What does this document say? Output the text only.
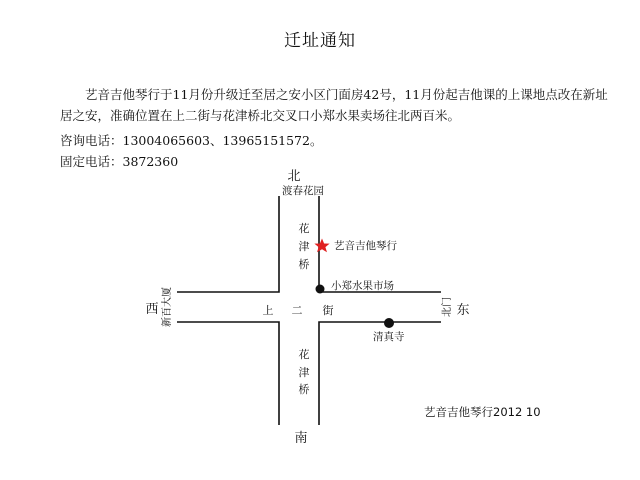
迁址通知

艺音吉他琴行于11月份升级迁至居之安小区门面房42号，11月份起吉他课的上课地点改在新址居之安，准确位置在上二街与花津桥北交叉口小郑水果卖场往北两百米。

咨询电话：13004065603、13965151572。

固定电话：3872360

北
渡春花园
南
西	东
新百大厦	北门
花
津
桥
花
津
桥
上 二 街
艺音吉他琴行
小郑水果市场
清真寺
艺音吉他琴行2012 10
